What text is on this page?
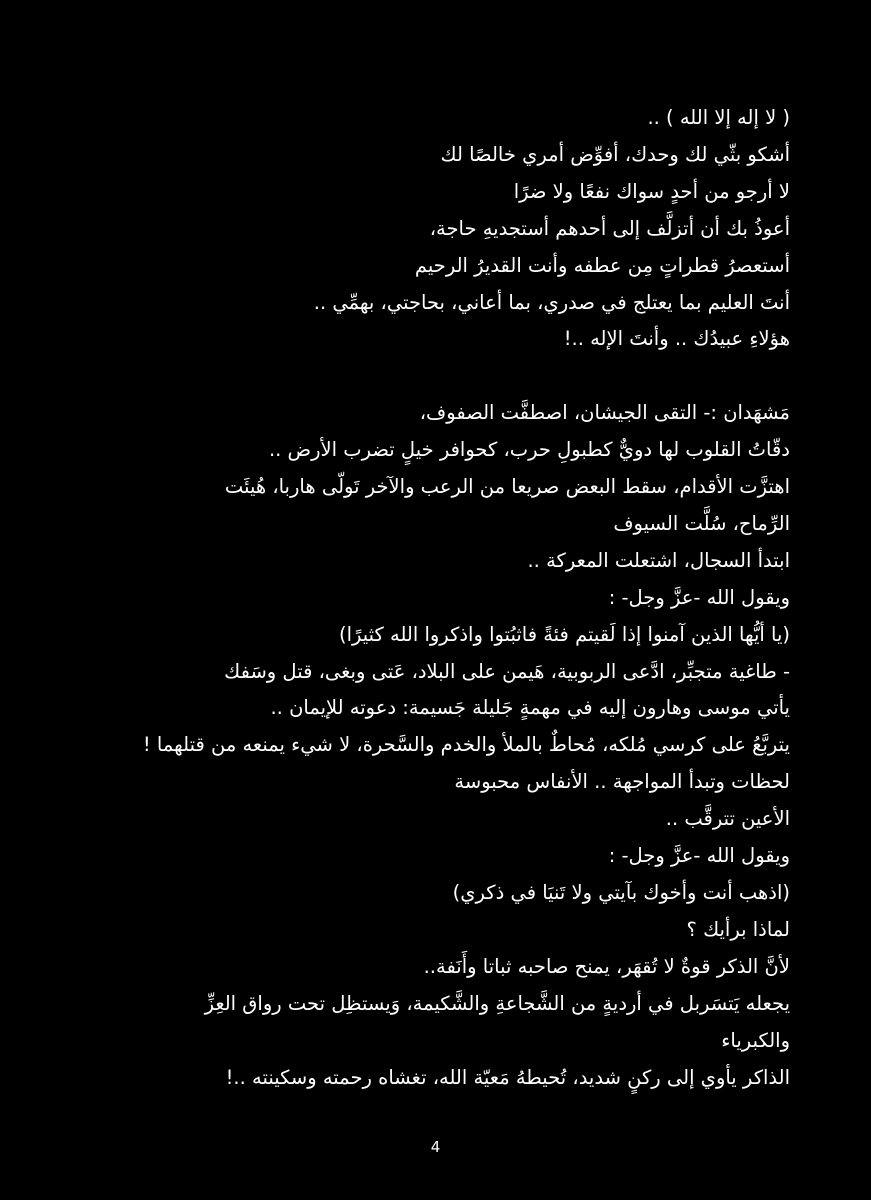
( لا إله إلا الله ) ..
أشكو بثّي لك وحدك، أفوِّض أمري خالصًا لك
لا أرجو من أحدٍ سواك نفعًا ولا ضرًا
أعوذُ بك أن أتزلَّف إلى أحدهم أستجديهِ حاجة،
أستعصرُ قطراتٍ مِن عطفه وأنت القديرُ الرحيم
أنتَ العليم بما يعتلج في صدري، بما أعاني، بحاجتي، بهمِّي ..
هؤلاءِ عبيدُك .. وأنتَ الإله ..!
مَشهَدان :- التقى الجيشان، اصطفَّت الصفوف،
دقّاتُ القلوب لها دويٌّ كطبولِ حرب، كحوافر خيلٍ تضرب الأرض ..
اهتزَّت الأقدام، سقط البعض صريعا من الرعب والآخر تَولّى هاربا، هُيئَت
الرِّماح، سُلَّت السيوف
ابتدأ السجال، اشتعلت المعركة ..
ويقول الله -عزَّ وجل- :
(يا أيُّها الذين آمنوا إذا لَقيتم فئةً فاثبُتوا واذكروا الله كثيرًا)
- طاغية متجبِّر، ادَّعى الربوبية، هَيمن على البلاد، عَتى وبغى، قتل وسَفك
يأتي موسى وهارون إليه في مهمةٍ جَليلة جَسيمة: دعوته للإيمان ..
يتربَّعُ على كرسي مُلكه، مُحاطٌ بالملأ والخدم والسَّحرة، لا شيء يمنعه من قتلهما !
لحظات وتبدأ المواجهة .. الأنفاس محبوسة
الأعين تترقَّب ..
ويقول الله -عزَّ وجل- :
(اذهب أنت وأخوك بآيتي ولا تَنيَا في ذكري)
لماذا برأيك ؟
لأنَّ الذكر قوةٌ لا تُقهَر، يمنح صاحبه ثباتا وأَنَفة..
يجعله يَتسَربل في أرديةٍ من الشَّجاعةِ والشَّكيمة، وَيستظِل تحت رواق العِزِّ
والكبرياء
الذاكر يأوي إلى ركنٍ شديد، تُحيطهُ مَعيّة الله، تغشاه رحمته وسكينته ..!
4
